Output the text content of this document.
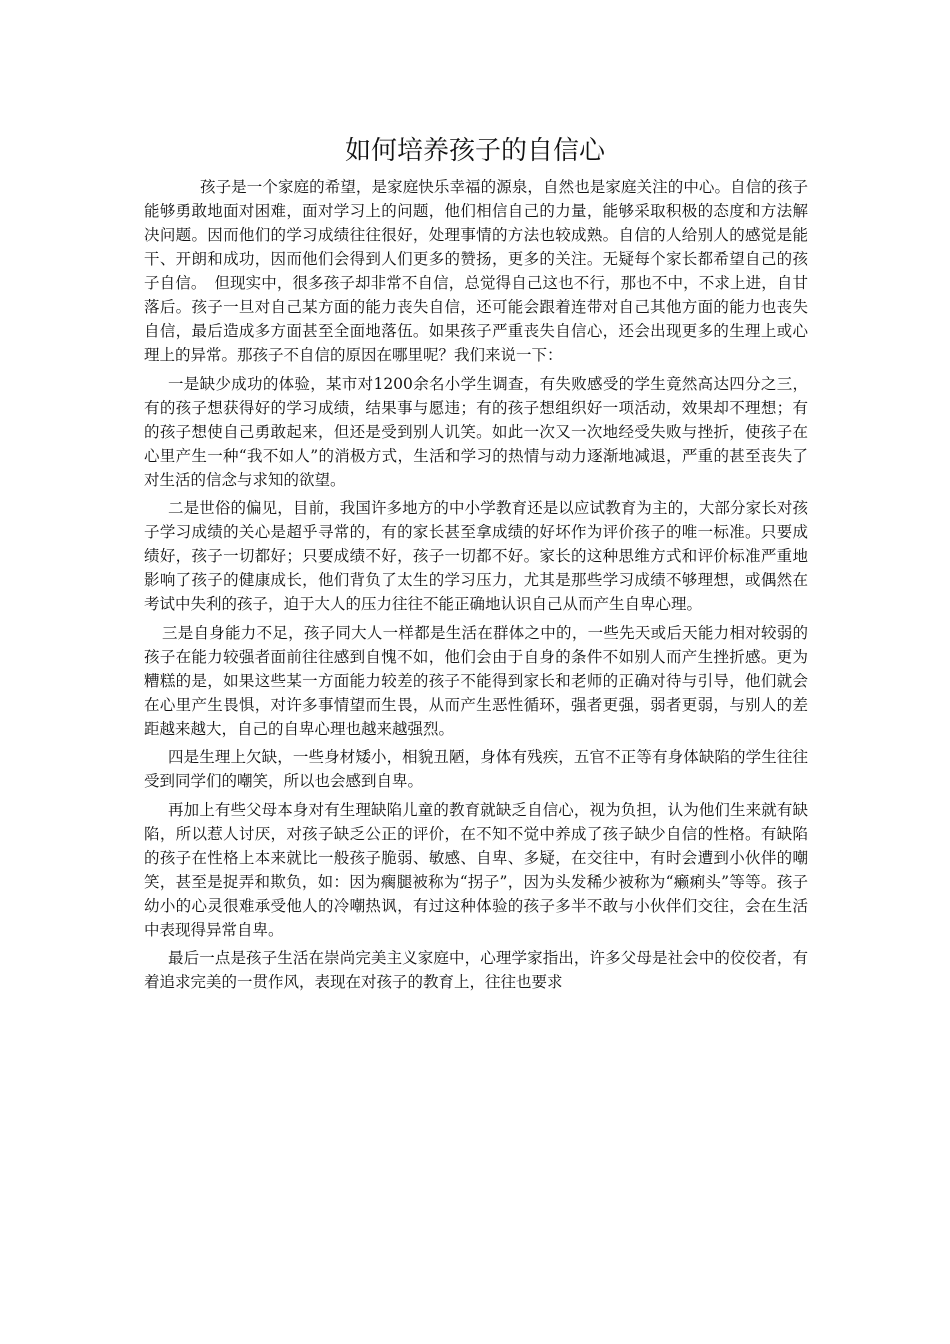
如何培养孩子的自信心

孩子是一个家庭的希望，是家庭快乐幸福的源泉，自然也是家庭关注的中心。自信的孩子能够勇敢地面对困难，面对学习上的问题，他们相信自己的力量，能够采取积极的态度和方法解决问题。因而他们的学习成绩往往很好，处理事情的方法也较成熟。自信的人给别人的感觉是能干、开朗和成功，因而他们会得到人们更多的赞扬，更多的关注。无疑每个家长都希望自己的孩子自信。　但现实中，很多孩子却非常不自信，总觉得自己这也不行，那也不中，不求上进，自甘落后。孩子一旦对自己某方面的能力丧失自信，还可能会跟着连带对自己其他方面的能力也丧失自信，最后造成多方面甚至全面地落伍。如果孩子严重丧失自信心，还会出现更多的生理上或心理上的异常。那孩子不自信的原因在哪里呢？我们来说一下：

一是缺少成功的体验，某市对1200余名小学生调查，有失败感受的学生竟然高达四分之三，有的孩子想获得好的学习成绩，结果事与愿违；有的孩子想组织好一项活动，效果却不理想；有的孩子想使自己勇敢起来，但还是受到别人讥笑。如此一次又一次地经受失败与挫折，使孩子在心里产生一种“我不如人”的消极方式，生活和学习的热情与动力逐渐地减退，严重的甚至丧失了对生活的信念与求知的欲望。

二是世俗的偏见，目前，我国许多地方的中小学教育还是以应试教育为主的，大部分家长对孩子学习成绩的关心是超乎寻常的，有的家长甚至拿成绩的好坏作为评价孩子的唯一标准。只要成绩好，孩子一切都好；只要成绩不好，孩子一切都不好。家长的这种思维方式和评价标准严重地影响了孩子的健康成长，他们背负了太生的学习压力，尤其是那些学习成绩不够理想，或偶然在考试中失利的孩子，迫于大人的压力往往不能正确地认识自己从而产生自卑心理。

三是自身能力不足，孩子同大人一样都是生活在群体之中的，一些先天或后天能力相对较弱的孩子在能力较强者面前往往感到自愧不如，他们会由于自身的条件不如别人而产生挫折感。更为糟糕的是，如果这些某一方面能力较差的孩子不能得到家长和老师的正确对待与引导，他们就会在心里产生畏惧，对许多事情望而生畏，从而产生恶性循环，强者更强，弱者更弱，与别人的差距越来越大，自己的自卑心理也越来越强烈。

四是生理上欠缺，一些身材矮小，相貌丑陋，身体有残疾，五官不正等有身体缺陷的学生往往受到同学们的嘲笑，所以也会感到自卑。

再加上有些父母本身对有生理缺陷儿童的教育就缺乏自信心，视为负担，认为他们生来就有缺陷，所以惹人讨厌，对孩子缺乏公正的评价，在不知不觉中养成了孩子缺少自信的性格。有缺陷的孩子在性格上本来就比一般孩子脆弱、敏感、自卑、多疑，在交往中，有时会遭到小伙伴的嘲笑，甚至是捉弄和欺负，如：因为瘸腿被称为“拐子”，因为头发稀少被称为“癞痢头”等等。孩子幼小的心灵很难承受他人的冷嘲热讽，有过这种体验的孩子多半不敢与小伙伴们交往，会在生活中表现得异常自卑。

最后一点是孩子生活在崇尚完美主义家庭中，心理学家指出，许多父母是社会中的佼佼者，有着追求完美的一贯作风，表现在对孩子的教育上，往往也要求
